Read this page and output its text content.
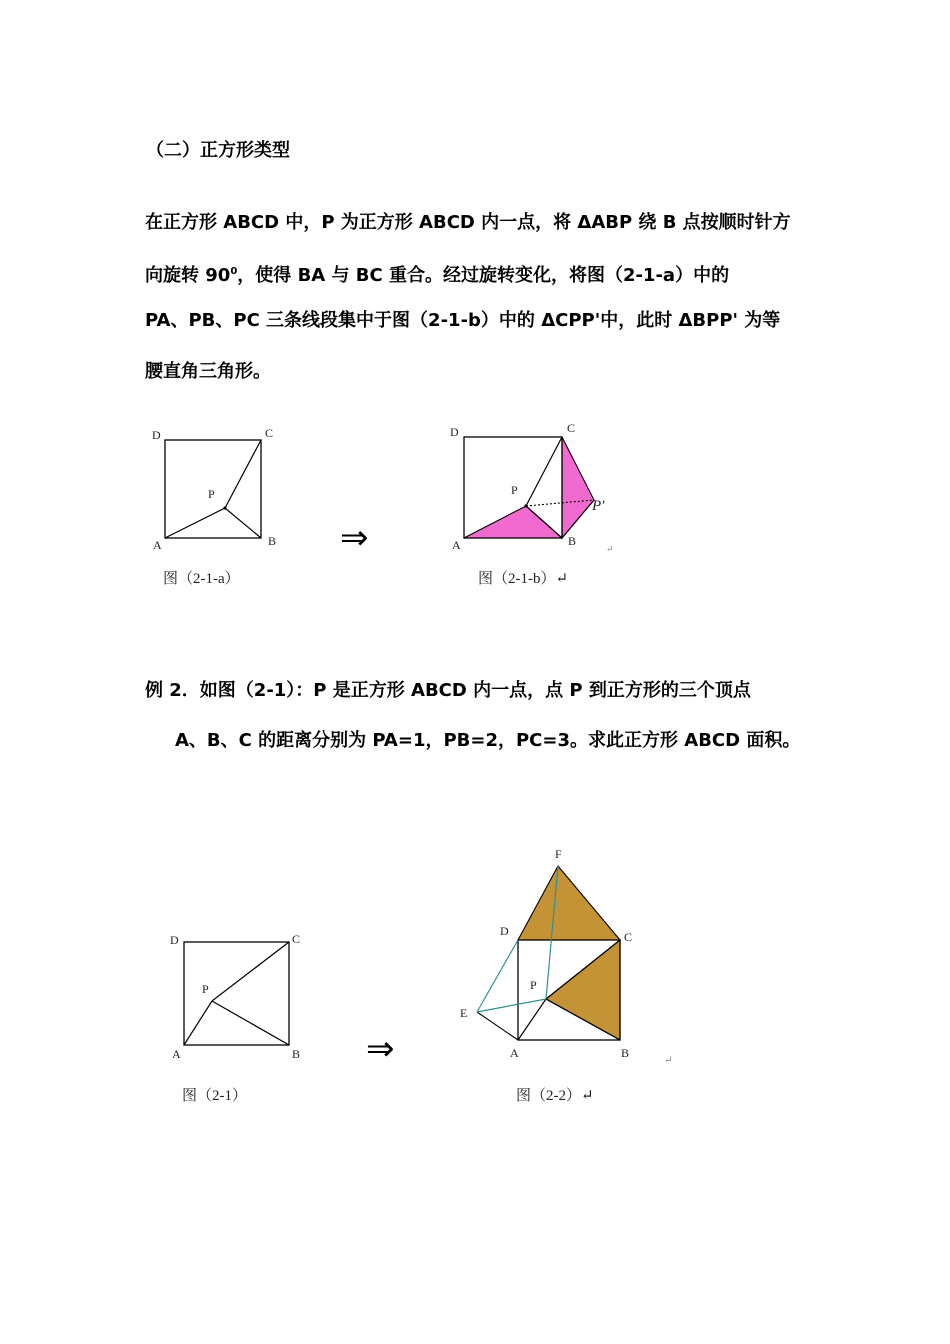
（二）正方形类型
在正方形 ABCD 中，P 为正方形 ABCD 内一点，将 ΔABP 绕 B 点按顺时针方
向旋转 $90^0$，使得 BA 与 BC 重合。经过旋转变化，将图（2-1-a）中的
PA、PB、PC 三条线段集中于图（2-1-b）中的 ΔCPP'中，此时 ΔBPP' 为等
腰直角三角形。
D	C
A	B
P
图（2-1-a）
⇒
D	C
A	B
P
P′
↵
图（2-1-b）↵
例 2．如图（2-1）：P 是正方形 ABCD 内一点，点 P 到正方形的三个顶点
A、B、C 的距离分别为 PA=1，PB=2，PC=3。求此正方形 ABCD 面积。
D	C
A	B
P
图（2-1）
⇒
F
D	C
P
E
A	B
↵
图（2-2）↵
